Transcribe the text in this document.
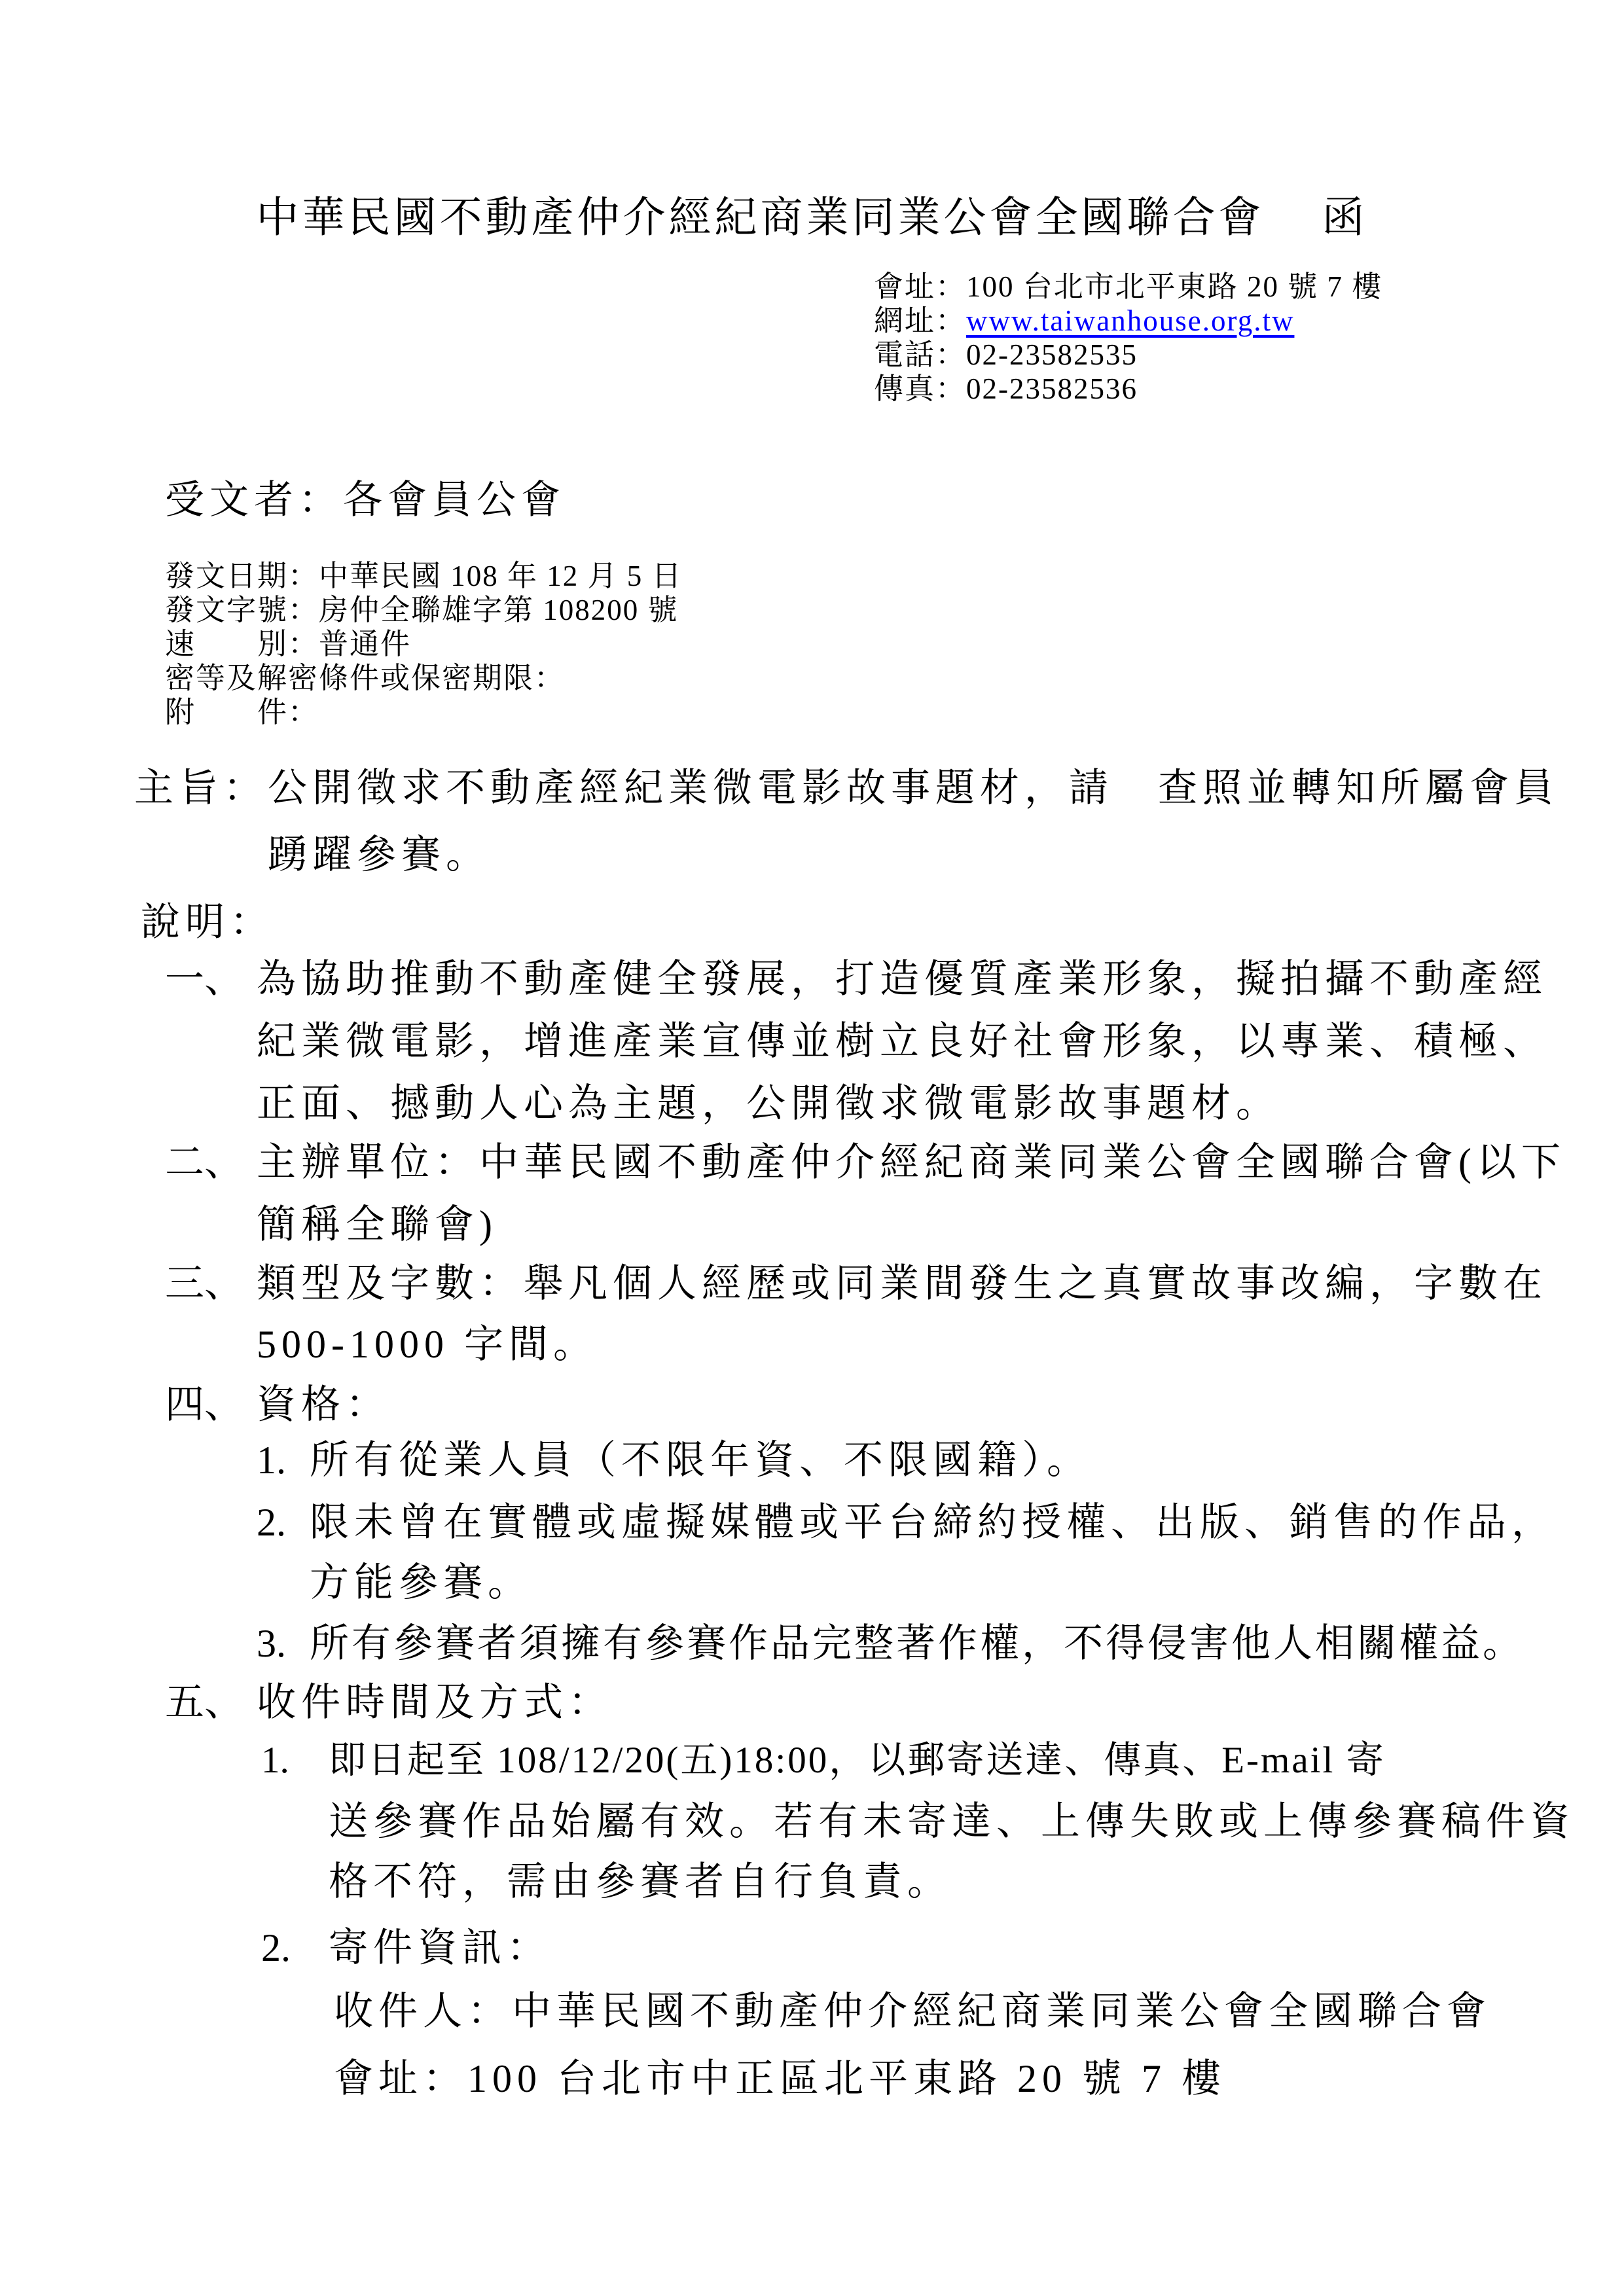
中華民國不動產仲介經紀商業同業公會全國聯合會 函
會址：100 台北市北平東路 20 號 7 樓
網址：www.taiwanhouse.org.tw
電話：02-23582535
傳真：02-23582536
受文者：各會員公會
發文日期：中華民國 108 年 12 月 5 日
發文字號：房仲全聯雄字第 108200 號
速　　別：普通件
密等及解密條件或保密期限：
附　　件：
主旨：公開徵求不動產經紀業微電影故事題材，請　查照並轉知所屬會員
踴躍參賽。
說明：
一、 為協助推動不動產健全發展，打造優質產業形象，擬拍攝不動產經
紀業微電影，增進產業宣傳並樹立良好社會形象，以專業、積極、
正面、撼動人心為主題，公開徵求微電影故事題材。
二、 主辦單位：中華民國不動產仲介經紀商業同業公會全國聯合會(以下
簡稱全聯會)
三、 類型及字數：舉凡個人經歷或同業間發生之真實故事改編，字數在
500-1000 字間。
四、 資格：
1. 所有從業人員（不限年資、不限國籍）。
2. 限未曾在實體或虛擬媒體或平台締約授權、出版、銷售的作品，
方能參賽。
3. 所有參賽者須擁有參賽作品完整著作權，不得侵害他人相關權益。
五、 收件時間及方式：
1. 即日起至 108/12/20(五)18:00，以郵寄送達、傳真、E-mail 寄
送參賽作品始屬有效。若有未寄達、上傳失敗或上傳參賽稿件資
格不符，需由參賽者自行負責。
2. 寄件資訊：
收件人：中華民國不動產仲介經紀商業同業公會全國聯合會
會址：100 台北市中正區北平東路 20 號 7 樓
